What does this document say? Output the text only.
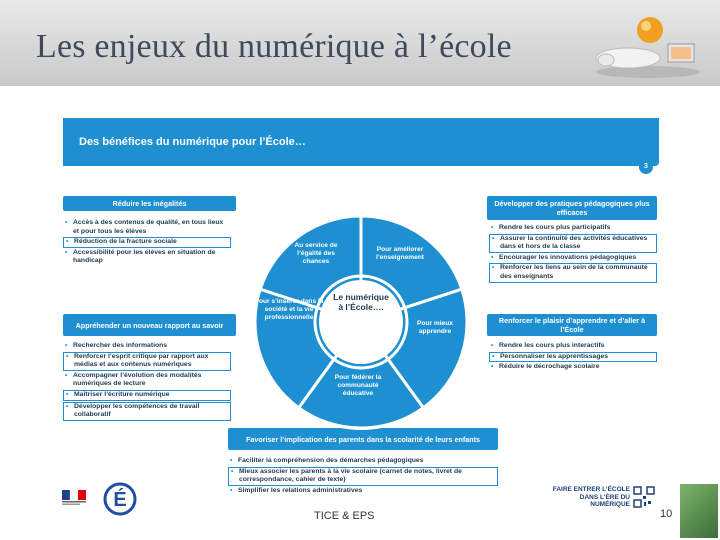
Les enjeux du numérique à l’école
Des bénéfices du numérique pour l’École…
3
Réduire les inégalités
• Accès à des contenus de qualité, en tous lieux et pour tous les élèves
• Réduction de la fracture sociale
• Accessibilité pour les élèves en situation de handicap
Développer des pratiques pédagogiques plus efficaces
• Rendre les cours plus participatifs
• Assurer la continuité des activités éducatives dans et hors de la classe
• Encourager les innovations pédagogiques
• Renforcer les liens au sein de la communauté des enseignants
Appréhender un nouveau rapport au savoir
• Rechercher des informations
• Renforcer l’esprit critique par rapport aux médias et aux contenus numériques
• Accompagner l’évolution des modalités numériques de lecture
• Maîtriser l’écriture numérique
• Développer les compétences de travail collaboratif
Renforcer le plaisir d’apprendre et d’aller à l’École
• Rendre les cours plus interactifs
• Personnaliser les apprentissages
• Réduire le décrochage scolaire
Favoriser l’implication des parents dans la scolarité de leurs enfants
• Faciliter la compréhension des démarches pédagogiques
• Mieux associer les parents à la vie scolaire (carnet de notes, livret de correspondance, cahier de texte)
• Simplifier les relations administratives
Au service de l’égalité des chances
Pour améliorer l’enseignement
Pour mieux apprendre
Pour fédérer la communauté éducative
Pour s’insérer dans la société et la vie professionnelle
Le numérique à l’École….
É
TICE & EPS
FAIRE ENTRER L’ÉCOLE DANS L’ÈRE DU NUMÉRIQUE
10
